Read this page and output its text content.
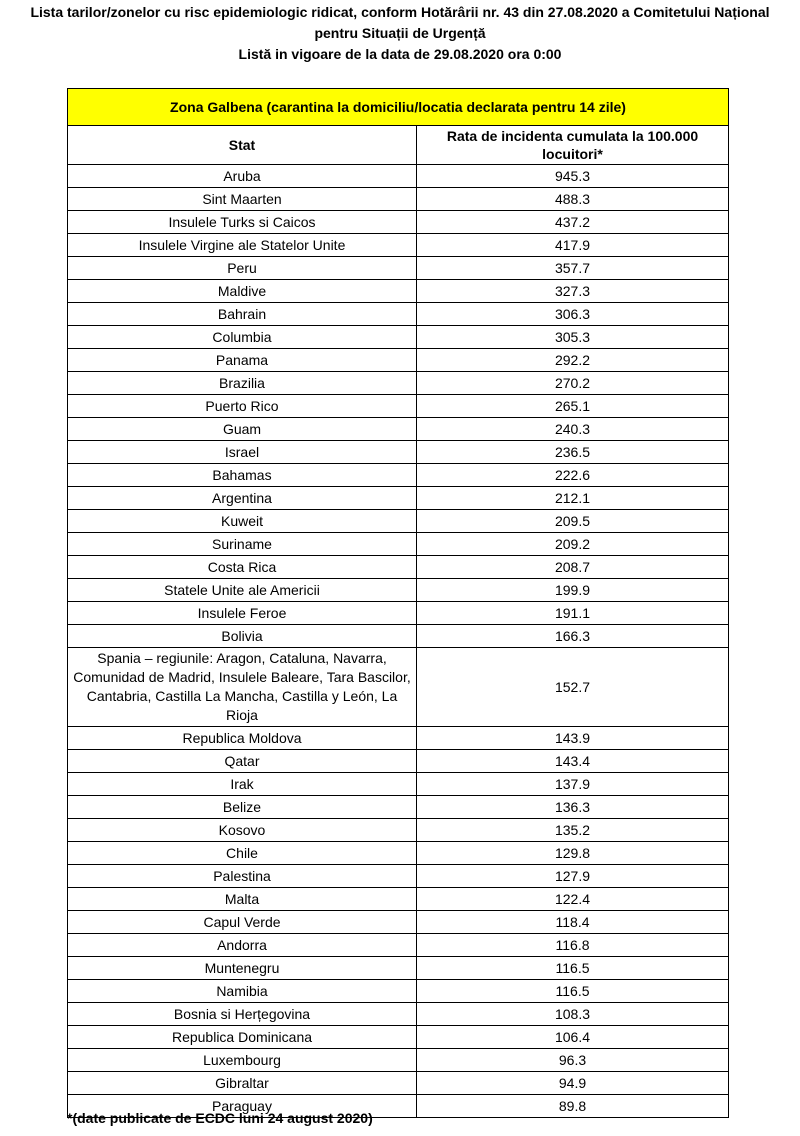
Lista tarilor/zonelor cu risc epidemiologic ridicat, conform Hotărârii nr. 43 din 27.08.2020 a Comitetului Național
pentru Situații de Urgență
Listă in vigoare de la data de 29.08.2020 ora 0:00
Zona Galbena (carantina la domiciliu/locatia declarata pentru 14 zile)	
Stat	Rata de incidenta cumulata la 100.000 locuitori*
Aruba	945.3
Sint Maarten	488.3
Insulele Turks si Caicos	437.2
Insulele Virgine ale Statelor Unite	417.9
Peru	357.7
Maldive	327.3
Bahrain	306.3
Columbia	305.3
Panama	292.2
Brazilia	270.2
Puerto Rico	265.1
Guam	240.3
Israel	236.5
Bahamas	222.6
Argentina	212.1
Kuweit	209.5
Suriname	209.2
Costa Rica	208.7
Statele Unite ale Americii	199.9
Insulele Feroe	191.1
Bolivia	166.3
Spania – regiunile: Aragon, Cataluna, Navarra, Comunidad de Madrid, Insulele Baleare, Tara Bascilor, Cantabria, Castilla La Mancha, Castilla y León, La Rioja	152.7
Republica Moldova	143.9
Qatar	143.4
Irak	137.9
Belize	136.3
Kosovo	135.2
Chile	129.8
Palestina	127.9
Malta	122.4
Capul Verde	118.4
Andorra	116.8
Muntenegru	116.5
Namibia	116.5
Bosnia si Herțegovina	108.3
Republica Dominicana	106.4
Luxembourg	96.3
Gibraltar	94.9
Paraguay	89.8
*(date publicate de ECDC luni 24 august 2020)
